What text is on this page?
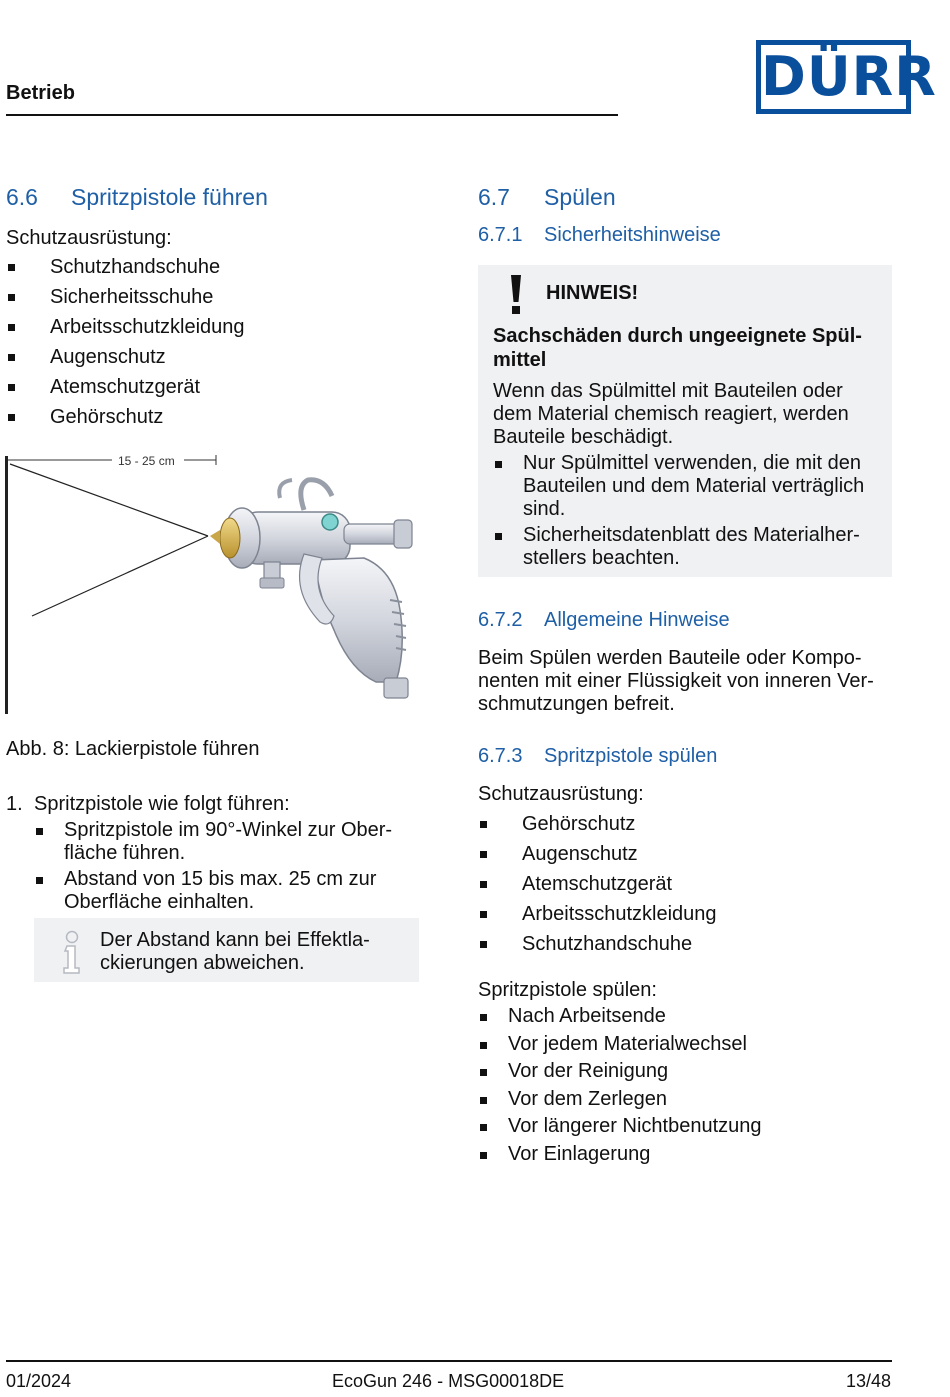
Betrieb	DÜRR
6.6 Spritzpistole führen
Schutzausrüstung:
Schutzhandschuhe
Sicherheitsschuhe
Arbeitsschutzkleidung
Augenschutz
Atemschutzgerät
Gehörschutz
15 - 25 cm
Abb. 8: Lackierpistole führen
1. Spritzpistole wie folgt führen:
Spritzpistole im 90°-Winkel zur Ober-
fläche führen.
Abstand von 15 bis max. 25 cm zur
Oberfläche einhalten.
Der Abstand kann bei Effektla-
ckierungen abweichen.
6.7 Spülen
6.7.1 Sicherheitshinweise
HINWEIS!
Sachschäden durch ungeeignete Spül-
mittel
Wenn das Spülmittel mit Bauteilen oder
dem Material chemisch reagiert, werden
Bauteile beschädigt.
Nur Spülmittel verwenden, die mit den
Bauteilen und dem Material verträglich
sind.
Sicherheitsdatenblatt des Materialher-
stellers beachten.
6.7.2 Allgemeine Hinweise
Beim Spülen werden Bauteile oder Kompo-
nenten mit einer Flüssigkeit von inneren Ver-
schmutzungen befreit.
6.7.3 Spritzpistole spülen
Schutzausrüstung:
Gehörschutz
Augenschutz
Atemschutzgerät
Arbeitsschutzkleidung
Schutzhandschuhe
Spritzpistole spülen:
Nach Arbeitsende
Vor jedem Materialwechsel
Vor der Reinigung
Vor dem Zerlegen
Vor längerer Nichtbenutzung
Vor Einlagerung
01/2024	EcoGun 246 - MSG00018DE	13/48
